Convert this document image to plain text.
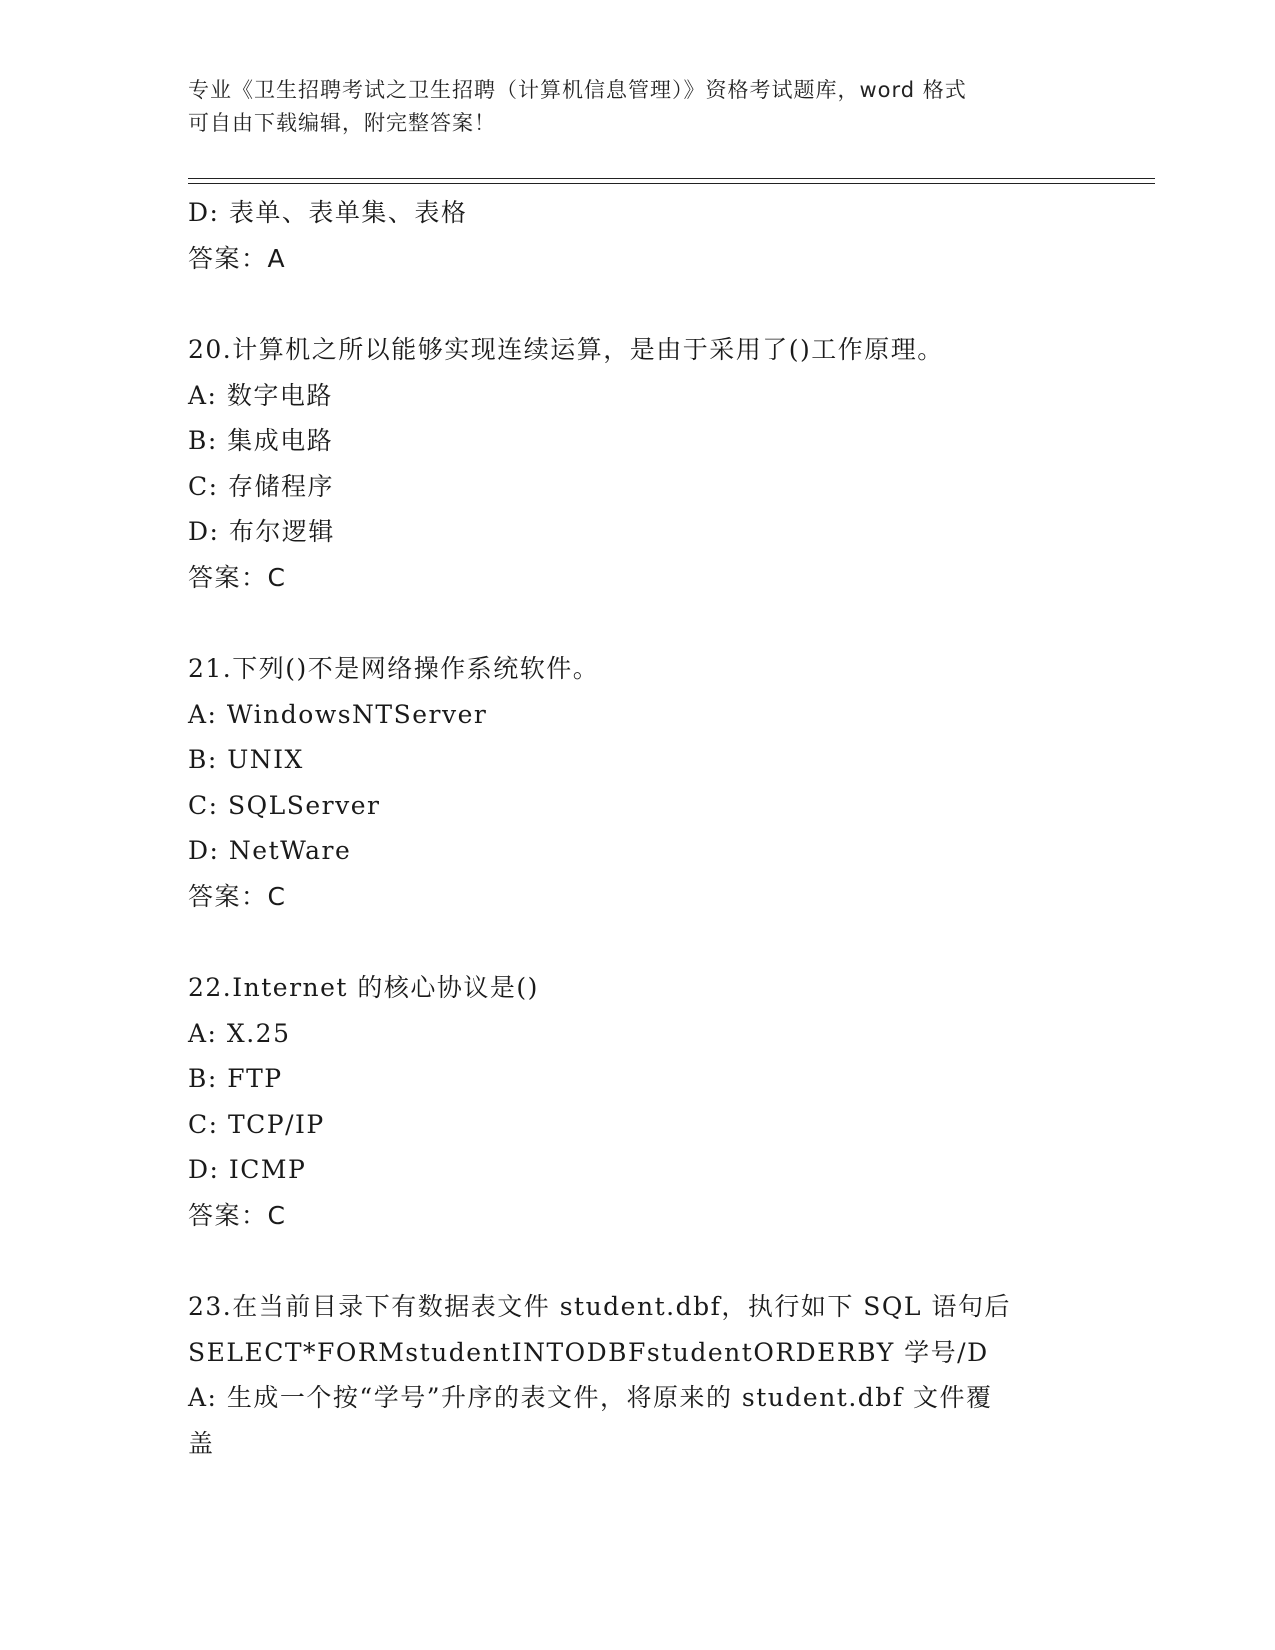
专业《卫生招聘考试之卫生招聘（计算机信息管理）》资格考试题库，word 格式

可自由下载编辑，附完整答案！

D: 表单、表单集、表格
答案：A
20.计算机之所以能够实现连续运算，是由于采用了()工作原理。
A: 数字电路
B: 集成电路
C: 存储程序
D: 布尔逻辑
答案：C
21.下列()不是网络操作系统软件。
A: WindowsNTServer
B: UNIX
C: SQLServer
D: NetWare
答案：C
22.Internet 的核心协议是()
A: X.25
B: FTP
C: TCP/IP
D: ICMP
答案：C
23.在当前目录下有数据表文件 student.dbf，执行如下 SQL 语句后
SELECT*FORMstudentINTODBFstudentORDERBY 学号/D
A: 生成一个按“学号”升序的表文件，将原来的 student.dbf 文件覆
盖
